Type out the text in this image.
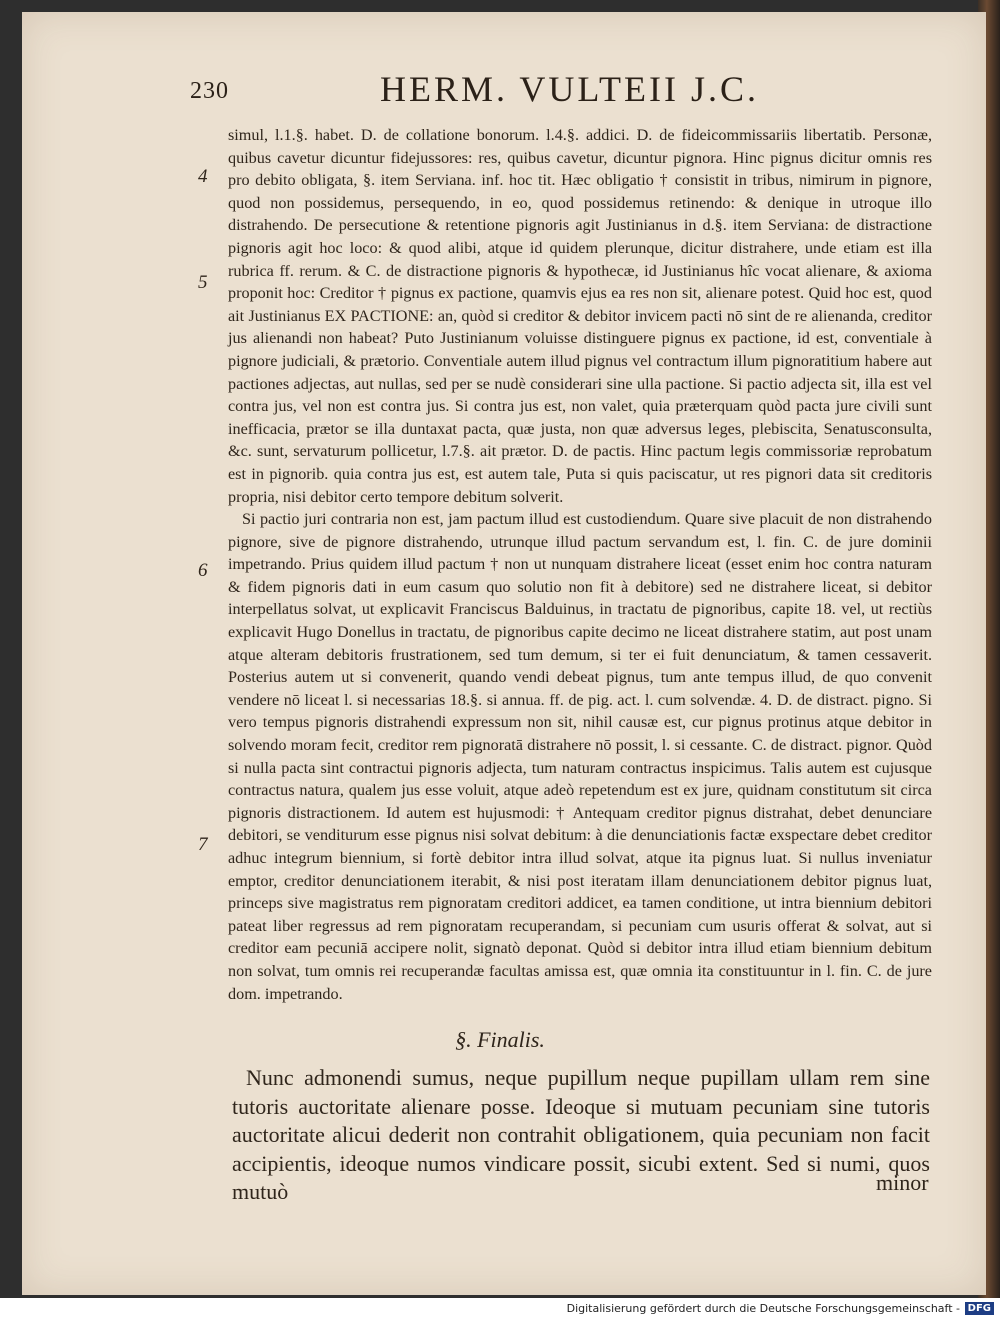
230	HERM. VULTEII J.C.
4
5
6
7

simul, l.1.§. habet. D. de collatione bonorum. l.4.§. addici. D. de fideicommissariis libertatib. Personæ, quibus cavetur dicuntur fidejussores: res, quibus cavetur, dicuntur pignora. Hinc pignus dicitur omnis res pro debito obligata, §. item Serviana. inf. hoc tit. Hæc obligatio † consistit in tribus, nimirum in pignore, quod non possidemus, persequendo, in eo, quod possidemus retinendo: & denique in utroque illo distrahendo. De persecutione & retentione pignoris agit Justinianus in d.§. item Serviana: de distractione pignoris agit hoc loco: & quod alibi, atque id quidem plerunque, dicitur distrahere, unde etiam est illa rubrica ff. rerum. & C. de distractione pignoris & hypothecæ, id Justinianus hîc vocat alienare, & axioma proponit hoc: Creditor † pignus ex pactione, quamvis ejus ea res non sit, alienare potest. Quid hoc est, quod ait Justinianus EX PACTIONE: an, quòd si creditor & debitor invicem pacti nō sint de re alienanda, creditor jus alienandi non habeat? Puto Justinianum voluisse distinguere pignus ex pactione, id est, conventiale à pignore judiciali, & prætorio. Conventiale autem illud pignus vel contractum illum pignoratitium habere aut pactiones adjectas, aut nullas, sed per se nudè considerari sine ulla pactione. Si pactio adjecta sit, illa est vel contra jus, vel non est contra jus. Si contra jus est, non valet, quia præterquam quòd pacta jure civili sunt inefficacia, prætor se illa duntaxat pacta, quæ justa, non quæ adversus leges, plebiscita, Senatusconsulta, &c. sunt, servaturum pollicetur, l.7.§. ait prætor. D. de pactis. Hinc pactum legis commissoriæ reprobatum est in pignorib. quia contra jus est, est autem tale, Puta si quis paciscatur, ut res pignori data sit creditoris propria, nisi debitor certo tempore debitum solverit.

Si pactio juri contraria non est, jam pactum illud est custodiendum. Quare sive placuit de non distrahendo pignore, sive de pignore distrahendo, utrunque illud pactum servandum est, l. fin. C. de jure dominii impetrando. Prius quidem illud pactum † non ut nunquam distrahere liceat (esset enim hoc contra naturam & fidem pignoris dati in eum casum quo solutio non fit à debitore) sed ne distrahere liceat, si debitor interpellatus solvat, ut explicavit Franciscus Balduinus, in tractatu de pignoribus, capite 18. vel, ut rectiùs explicavit Hugo Donellus in tractatu, de pignoribus capite decimo ne liceat distrahere statim, aut post unam atque alteram debitoris frustrationem, sed tum demum, si ter ei fuit denunciatum, & tamen cessaverit. Posterius autem ut si convenerit, quando vendi debeat pignus, tum ante tempus illud, de quo convenit vendere nō liceat l. si necessarias 18.§. si annua. ff. de pig. act. l. cum solvendæ. 4. D. de distract. pigno. Si vero tempus pignoris distrahendi expressum non sit, nihil causæ est, cur pignus protinus atque debitor in solvendo moram fecit, creditor rem pignoratā distrahere nō possit, l. si cessante. C. de distract. pignor. Quòd si nulla pacta sint contractui pignoris adjecta, tum naturam contractus inspicimus. Talis autem est cujusque contractus natura, qualem jus esse voluit, atque adeò repetendum est ex jure, quidnam constitutum sit circa pignoris distractionem. Id autem est hujusmodi: † Antequam creditor pignus distrahat, debet denunciare debitori, se venditurum esse pignus nisi solvat debitum: à die denunciationis factæ exspectare debet creditor adhuc integrum biennium, si fortè debitor intra illud solvat, atque ita pignus luat. Si nullus inveniatur emptor, creditor denunciationem iterabit, & nisi post iteratam illam denunciationem debitor pignus luat, princeps sive magistratus rem pignoratam creditori addicet, ea tamen conditione, ut intra biennium debitori pateat liber regressus ad rem pignoratam recuperandam, si pecuniam cum usuris offerat & solvat, aut si creditor eam pecuniā accipere nolit, signatò deponat. Quòd si debitor intra illud etiam biennium debitum non solvat, tum omnis rei recuperandæ facultas amissa est, quæ omnia ita constituuntur in l. fin. C. de jure dom. impetrando.

§. Finalis.

Nunc admonendi sumus, neque pupillum neque pupillam ullam rem sine tutoris auctoritate alienare posse. Ideoque si mutuam pecuniam sine tutoris auctoritate alicui dederit non contrahit obligationem, quia pecuniam non facit accipientis, ideoque numos vindicare possit, sicubi extent. Sed si numi, quos mutuò	minor
Digitalisierung gefördert durch die Deutsche Forschungsgemeinschaft - DFG
